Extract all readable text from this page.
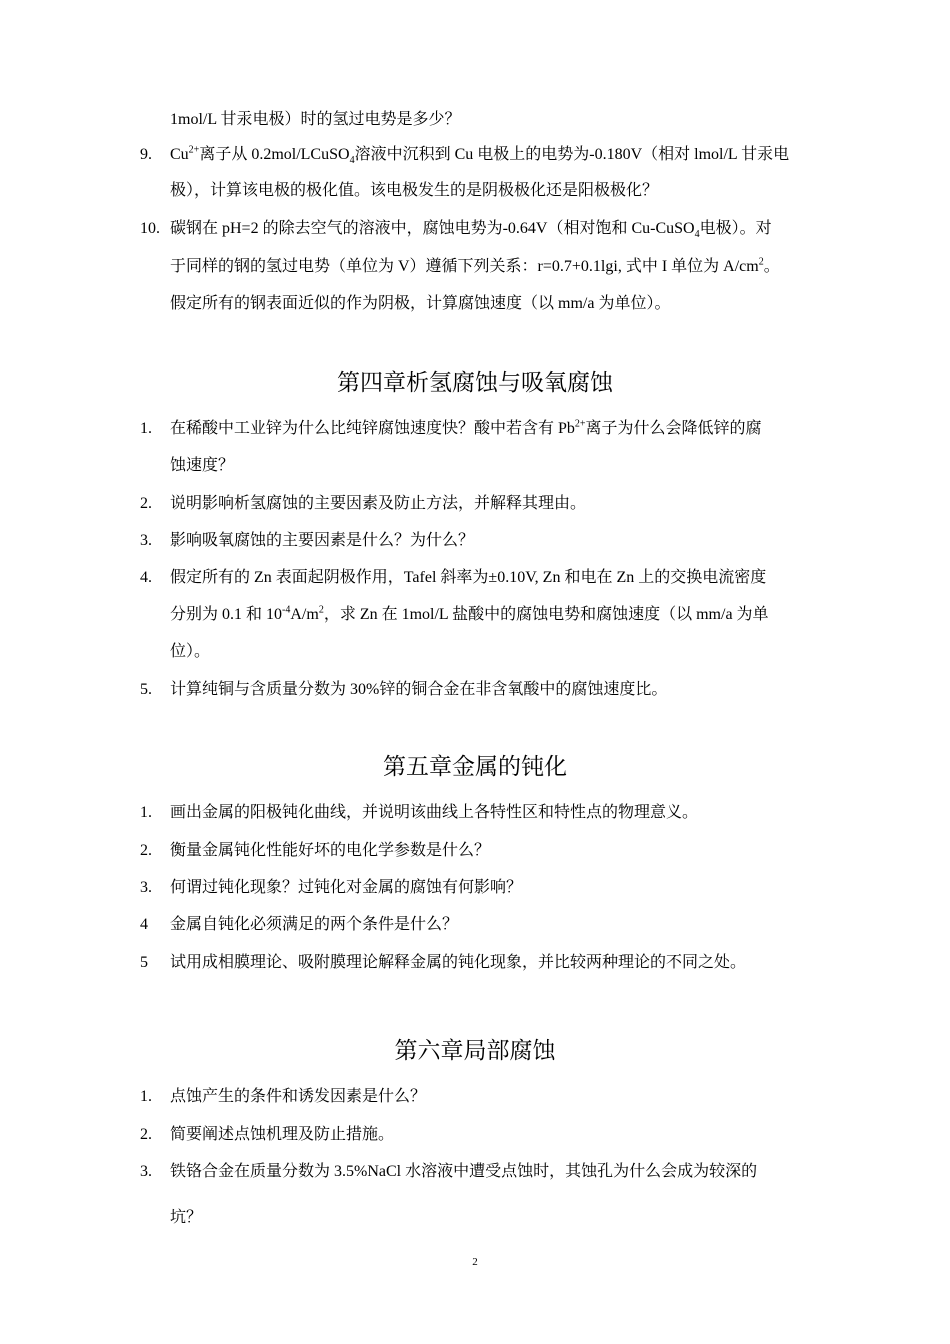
1mol/L 甘汞电极）时的氢过电势是多少？
9. $Cu^{2+}$离子从 0.2mol/LCuSO$_4$溶液中沉积到 Cu 电极上的电势为-0.180V（相对 lmol/L 甘汞电
极），计算该电极的极化值。该电极发生的是阴极极化还是阳极极化？
10. 碳钢在 pH=2 的除去空气的溶液中，腐蚀电势为-0.64V（相对饱和 Cu-CuSO$_4$电极）。对
于同样的钢的氢过电势（单位为 V）遵循下列关系：r=0.7+0.1lgi, 式中 I 单位为 $A/cm^2$。
假定所有的钢表面近似的作为阴极，计算腐蚀速度（以 mm/a 为单位）。
第四章析氢腐蚀与吸氧腐蚀
1. 在稀酸中工业锌为什么比纯锌腐蚀速度快？酸中若含有 $Pb^{2+}$离子为什么会降低锌的腐
蚀速度？
2. 说明影响析氢腐蚀的主要因素及防止方法，并解释其理由。
3. 影响吸氧腐蚀的主要因素是什么？为什么？
4. 假定所有的 Zn 表面起阴极作用，Tafel 斜率为±0.10V, Zn 和电在 Zn 上的交换电流密度
分别为 0.1 和 $10^{-4}A/m^2$，求 Zn 在 1mol/L 盐酸中的腐蚀电势和腐蚀速度（以 mm/a 为单
位）。
5. 计算纯铜与含质量分数为 30%锌的铜合金在非含氧酸中的腐蚀速度比。
第五章金属的钝化
1. 画出金属的阳极钝化曲线，并说明该曲线上各特性区和特性点的物理意义。
2. 衡量金属钝化性能好坏的电化学参数是什么？
3. 何谓过钝化现象？过钝化对金属的腐蚀有何影响？
4 金属自钝化必须满足的两个条件是什么？
5 试用成相膜理论、吸附膜理论解释金属的钝化现象，并比较两种理论的不同之处。
第六章局部腐蚀
1. 点蚀产生的条件和诱发因素是什么？
2. 简要阐述点蚀机理及防止措施。
3. 铁铬合金在质量分数为 3.5%NaCl 水溶液中遭受点蚀时，其蚀孔为什么会成为较深的
坑？
2
